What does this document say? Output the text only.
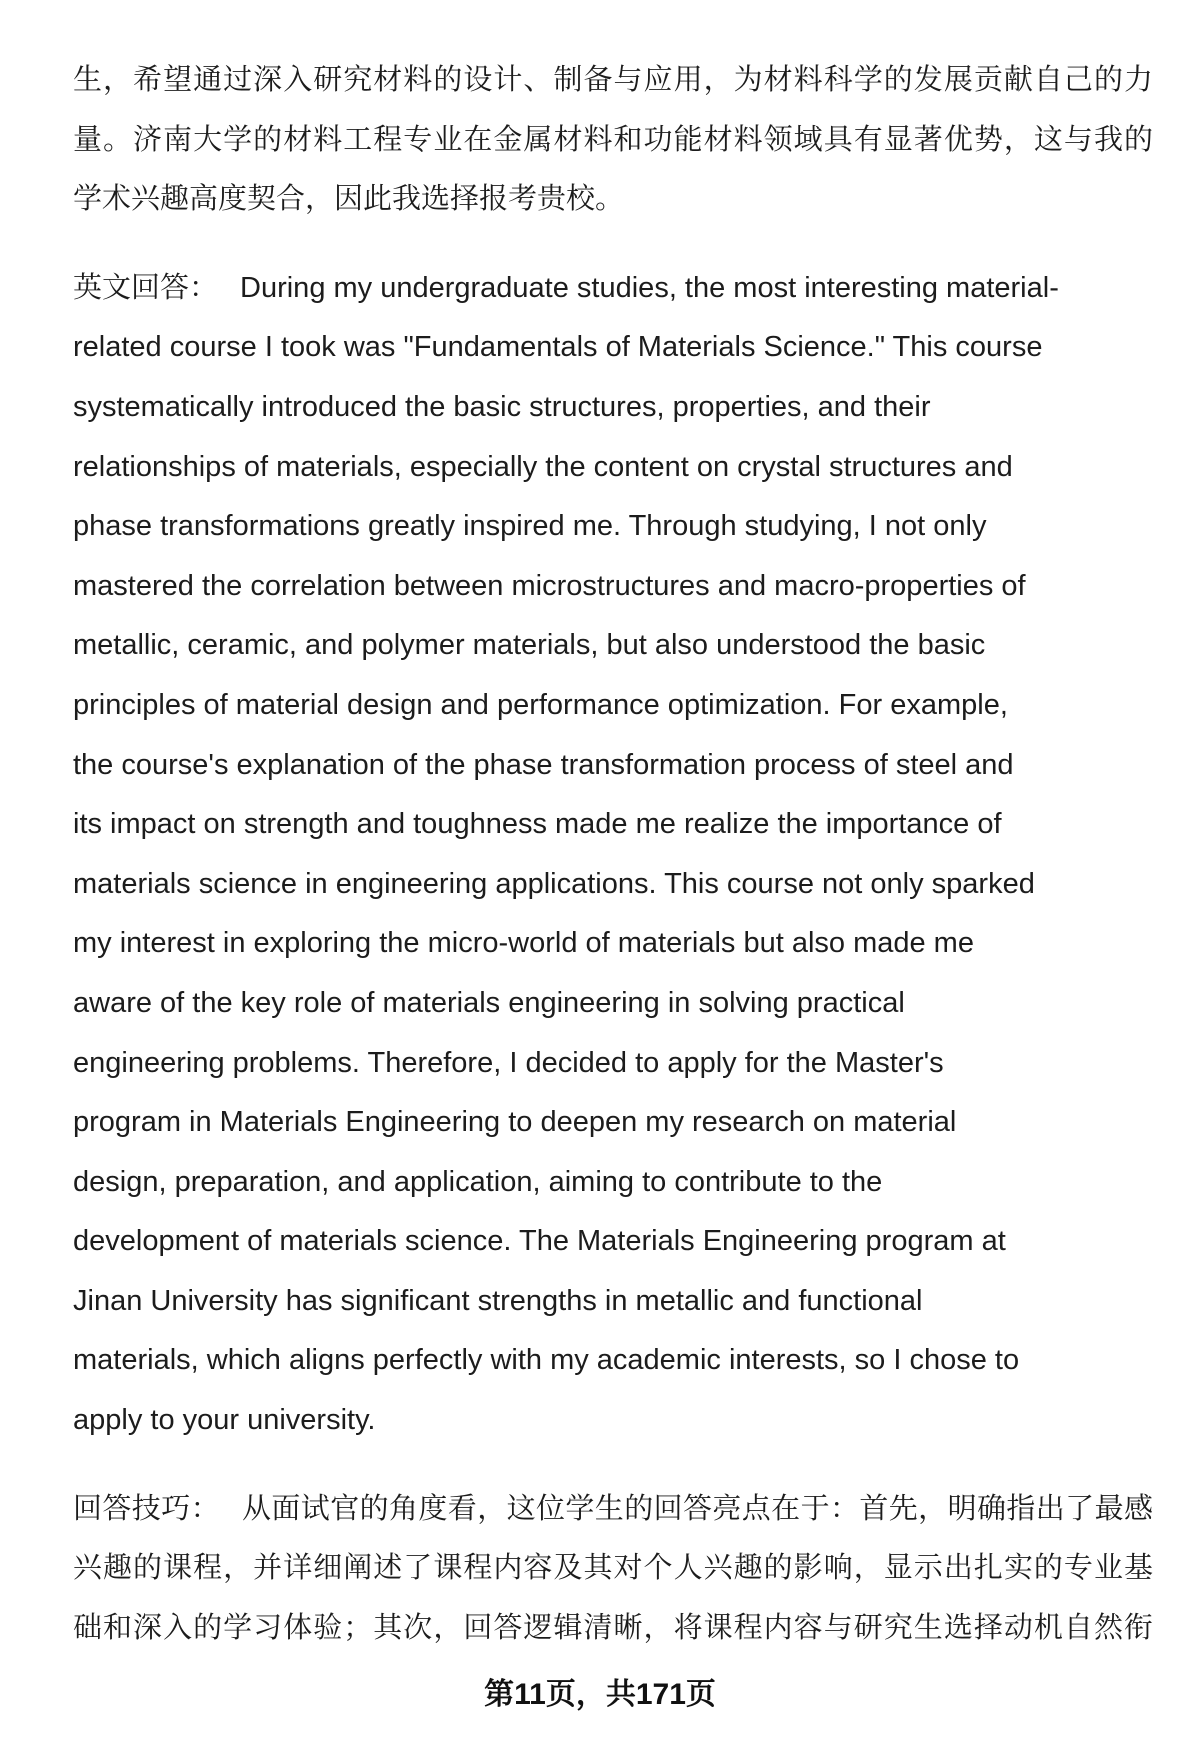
生，希望通过深入研究材料的设计、制备与应用，为材料科学的发展贡献自己的力
量。济南大学的材料工程专业在金属材料和功能材料领域具有显著优势，这与我的
学术兴趣高度契合，因此我选择报考贵校。
英文回答： During my undergraduate studies, the most interesting material-
related course I took was "Fundamentals of Materials Science." This course
systematically introduced the basic structures, properties, and their
relationships of materials, especially the content on crystal structures and
phase transformations greatly inspired me. Through studying, I not only
mastered the correlation between microstructures and macro-properties of
metallic, ceramic, and polymer materials, but also understood the basic
principles of material design and performance optimization. For example,
the course's explanation of the phase transformation process of steel and
its impact on strength and toughness made me realize the importance of
materials science in engineering applications. This course not only sparked
my interest in exploring the micro-world of materials but also made me
aware of the key role of materials engineering in solving practical
engineering problems. Therefore, I decided to apply for the Master's
program in Materials Engineering to deepen my research on material
design, preparation, and application, aiming to contribute to the
development of materials science. The Materials Engineering program at
Jinan University has significant strengths in metallic and functional
materials, which aligns perfectly with my academic interests, so I chose to
apply to your university.
回答技巧： 从面试官的角度看，这位学生的回答亮点在于：首先，明确指出了最感
兴趣的课程，并详细阐述了课程内容及其对个人兴趣的影响，显示出扎实的专业基
础和深入的学习体验；其次，回答逻辑清晰，将课程内容与研究生选择动机自然衔
第11页，共171页
